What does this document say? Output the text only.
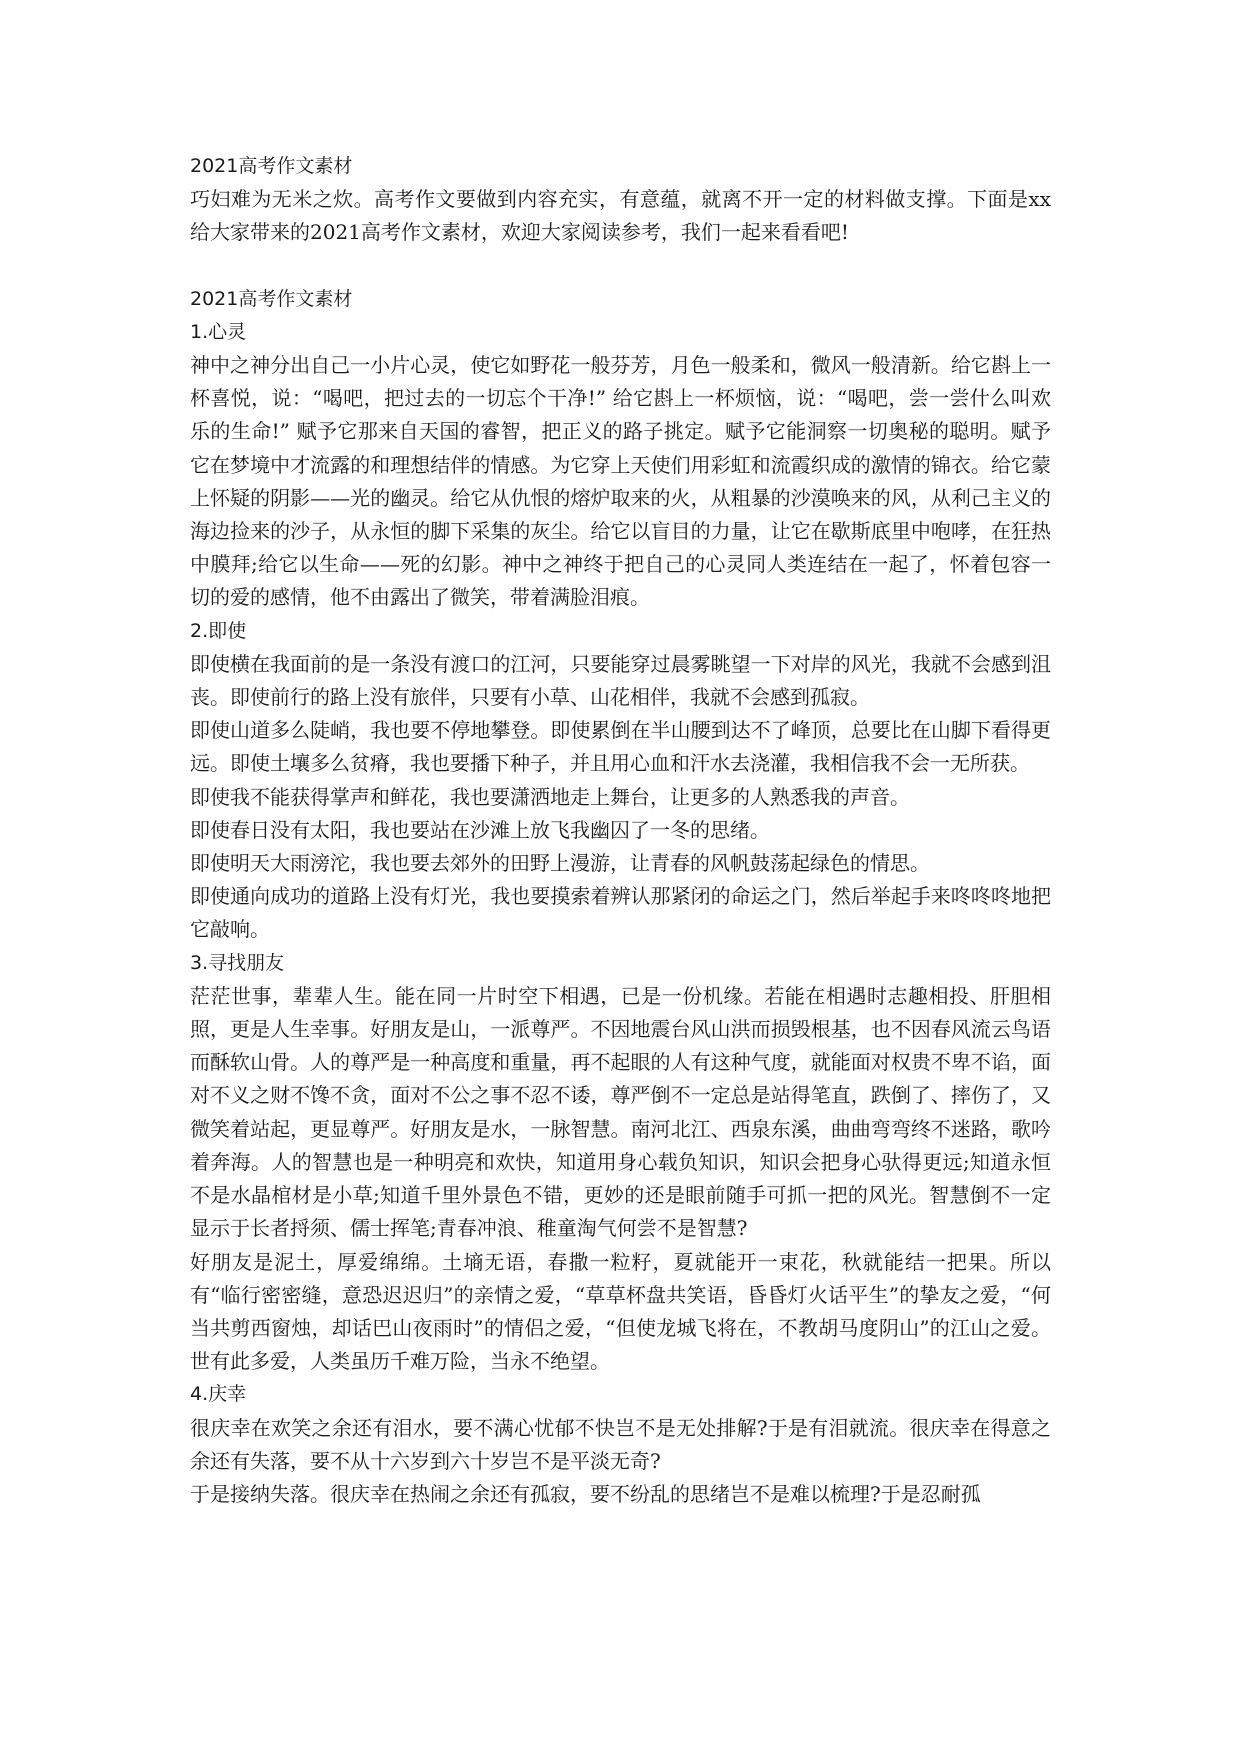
2021高考作文素材

巧妇难为无米之炊。高考作文要做到内容充实，有意蕴，就离不开一定的材料做支撑。下面是xx给大家带来的2021高考作文素材，欢迎大家阅读参考，我们一起来看看吧!

2021高考作文素材

1.心灵

神中之神分出自己一小片心灵，使它如野花一般芬芳，月色一般柔和，微风一般清新。给它斟上一杯喜悦，说：“喝吧，把过去的一切忘个干净!” 给它斟上一杯烦恼，说：“喝吧，尝一尝什么叫欢乐的生命!” 赋予它那来自天国的睿智，把正义的路子挑定。赋予它能洞察一切奥秘的聪明。赋予它在梦境中才流露的和理想结伴的情感。为它穿上天使们用彩虹和流霞织成的激情的锦衣。给它蒙上怀疑的阴影——光的幽灵。给它从仇恨的熔炉取来的火，从粗暴的沙漠唤来的风，从利己主义的海边捡来的沙子，从永恒的脚下采集的灰尘。给它以盲目的力量，让它在歇斯底里中咆哮，在狂热中膜拜;给它以生命——死的幻影。神中之神终于把自己的心灵同人类连结在一起了，怀着包容一切的爱的感情，他不由露出了微笑，带着满脸泪痕。

2.即使

即使横在我面前的是一条没有渡口的江河，只要能穿过晨雾眺望一下对岸的风光，我就不会感到沮丧。即使前行的路上没有旅伴，只要有小草、山花相伴，我就不会感到孤寂。

即使山道多么陡峭，我也要不停地攀登。即使累倒在半山腰到达不了峰顶，总要比在山脚下看得更远。即使土壤多么贫瘠，我也要播下种子，并且用心血和汗水去浇灌，我相信我不会一无所获。

即使我不能获得掌声和鲜花，我也要潇洒地走上舞台，让更多的人熟悉我的声音。

即使春日没有太阳，我也要站在沙滩上放飞我幽囚了一冬的思绪。

即使明天大雨滂沱，我也要去郊外的田野上漫游，让青春的风帆鼓荡起绿色的情思。

即使通向成功的道路上没有灯光，我也要摸索着辨认那紧闭的命运之门，然后举起手来咚咚咚地把它敲响。

3.寻找朋友

茫茫世事，辈辈人生。能在同一片时空下相遇，已是一份机缘。若能在相遇时志趣相投、肝胆相照，更是人生幸事。好朋友是山，一派尊严。不因地震台风山洪而损毁根基，也不因春风流云鸟语而酥软山骨。人的尊严是一种高度和重量，再不起眼的人有这种气度，就能面对权贵不卑不谄，面对不义之财不馋不贪，面对不公之事不忍不诿，尊严倒不一定总是站得笔直，跌倒了、摔伤了，又微笑着站起，更显尊严。好朋友是水，一脉智慧。南河北江、西泉东溪，曲曲弯弯终不迷路，歌吟着奔海。人的智慧也是一种明亮和欢快，知道用身心载负知识，知识会把身心驮得更远;知道永恒不是水晶棺材是小草;知道千里外景色不错，更妙的还是眼前随手可抓一把的风光。智慧倒不一定显示于长者捋须、儒士挥笔;青春冲浪、稚童淘气何尝不是智慧?

好朋友是泥土，厚爱绵绵。土墒无语，春撒一粒籽，夏就能开一束花，秋就能结一把果。所以有“临行密密缝，意恐迟迟归”的亲情之爱，“草草杯盘共笑语，昏昏灯火话平生”的挚友之爱，“何当共剪西窗烛，却话巴山夜雨时”的情侣之爱，“但使龙城飞将在，不教胡马度阴山”的江山之爱。世有此多爱，人类虽历千难万险，当永不绝望。

4.庆幸

很庆幸在欢笑之余还有泪水，要不满心忧郁不快岂不是无处排解?于是有泪就流。很庆幸在得意之余还有失落，要不从十六岁到六十岁岂不是平淡无奇?

于是接纳失落。很庆幸在热闹之余还有孤寂，要不纷乱的思绪岂不是难以梳理?于是忍耐孤
